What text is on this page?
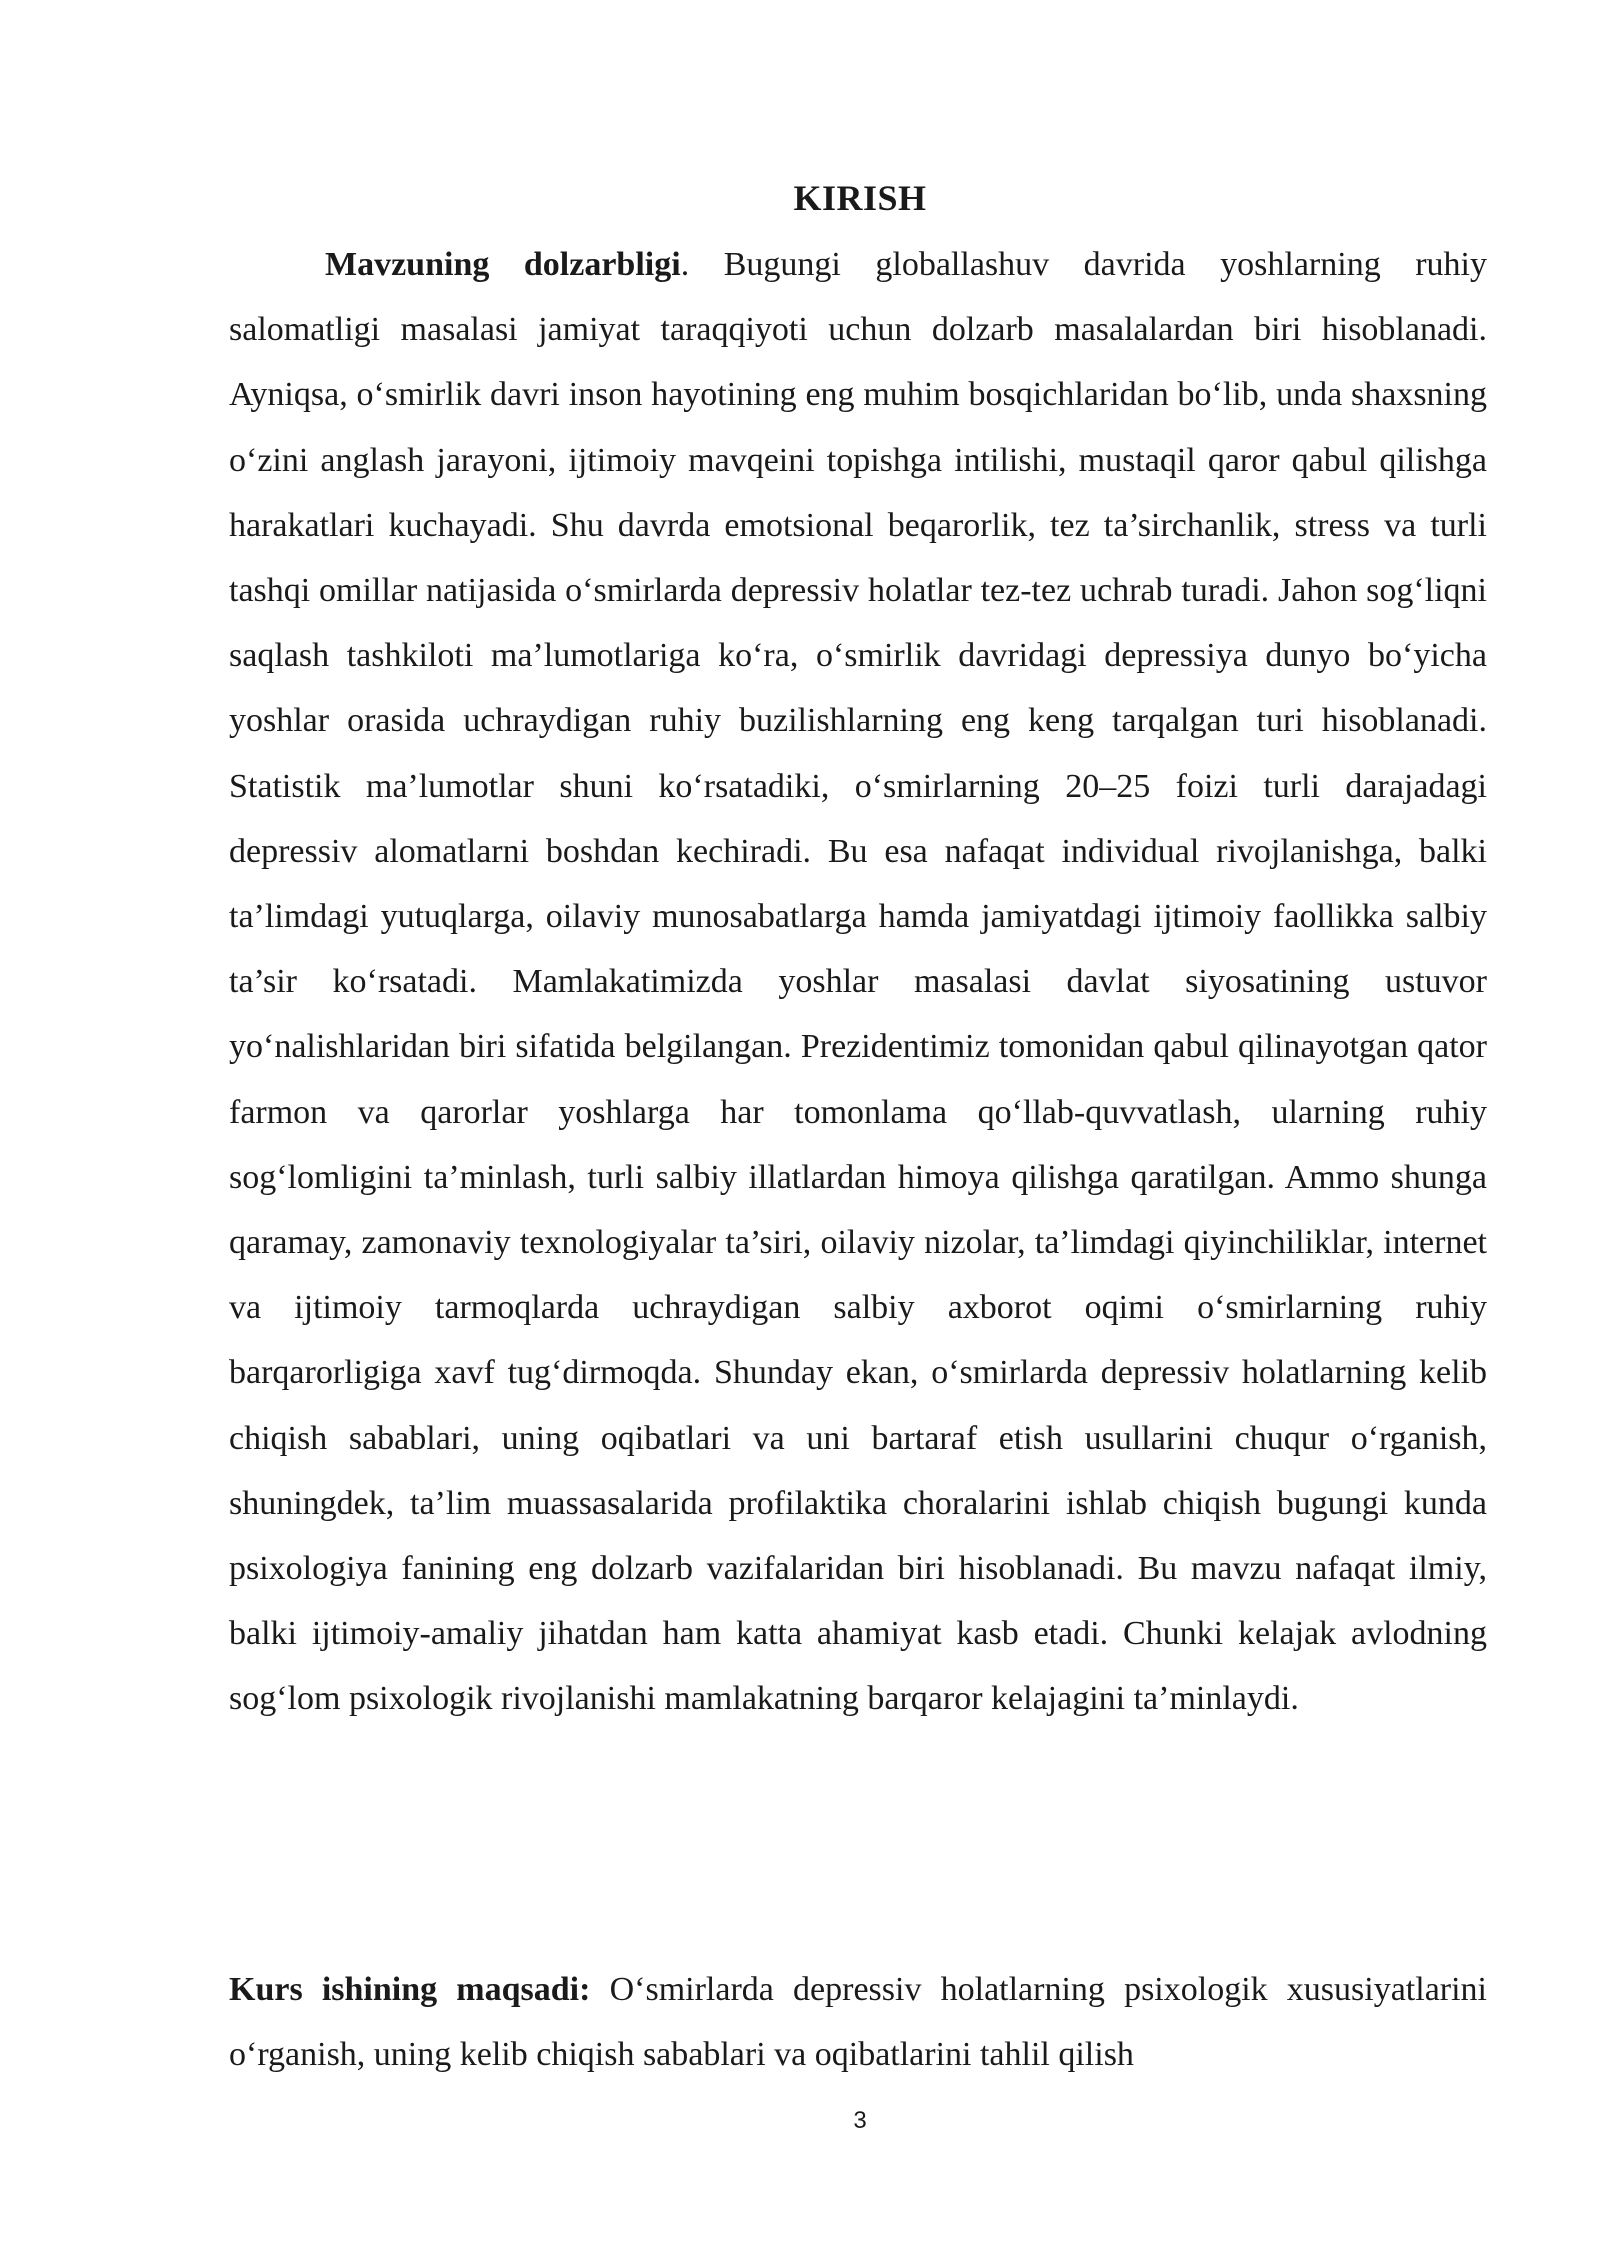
KIRISH

Mavzuning dolzarbligi. Bugungi globallashuv davrida yoshlarning ruhiy salomatligi masalasi jamiyat taraqqiyoti uchun dolzarb masalalardan biri hisoblanadi. Ayniqsa, o‘smirlik davri inson hayotining eng muhim bosqichlaridan bo‘lib, unda shaxsning o‘zini anglash jarayoni, ijtimoiy mavqeini topishga intilishi, mustaqil qaror qabul qilishga harakatlari kuchayadi. Shu davrda emotsional beqarorlik, tez ta’sirchanlik, stress va turli tashqi omillar natijasida o‘smirlarda depressiv holatlar tez-tez uchrab turadi. Jahon sog‘liqni saqlash tashkiloti ma’lumotlariga ko‘ra, o‘smirlik davridagi depressiya dunyo bo‘yicha yoshlar orasida uchraydigan ruhiy buzilishlarning eng keng tarqalgan turi hisoblanadi. Statistik ma’lumotlar shuni ko‘rsatadiki, o‘smirlarning 20–25 foizi turli darajadagi depressiv alomatlarni boshdan kechiradi. Bu esa nafaqat individual rivojlanishga, balki ta’limdagi yutuqlarga, oilaviy munosabatlarga hamda jamiyatdagi ijtimoiy faollikka salbiy ta’sir ko‘rsatadi. Mamlakatimizda yoshlar masalasi davlat siyosatining ustuvor yo‘nalishlaridan biri sifatida belgilangan. Prezidentimiz tomonidan qabul qilinayotgan qator farmon va qarorlar yoshlarga har tomonlama qo‘llab-quvvatlash, ularning ruhiy sog‘lomligini ta’minlash, turli salbiy illatlardan himoya qilishga qaratilgan. Ammo shunga qaramay, zamonaviy texnologiyalar ta’siri, oilaviy nizolar, ta’limdagi qiyinchiliklar, internet va ijtimoiy tarmoqlarda uchraydigan salbiy axborot oqimi o‘smirlarning ruhiy barqarorligiga xavf tug‘dirmoqda. Shunday ekan, o‘smirlarda depressiv holatlarning kelib chiqish sabablari, uning oqibatlari va uni bartaraf etish usullarini chuqur o‘rganish, shuningdek, ta’lim muassasalarida profilaktika choralarini ishlab chiqish bugungi kunda psixologiya fanining eng dolzarb vazifalaridan biri hisoblanadi. Bu mavzu nafaqat ilmiy, balki ijtimoiy-amaliy jihatdan ham katta ahamiyat kasb etadi. Chunki kelajak avlodning sog‘lom psixologik rivojlanishi mamlakatning barqaror kelajagini ta’minlaydi.

Kurs ishining maqsadi: O‘smirlarda depressiv holatlarning psixologik xususiyatlarini o‘rganish, uning kelib chiqish sabablari va oqibatlarini tahlil qilish

3
